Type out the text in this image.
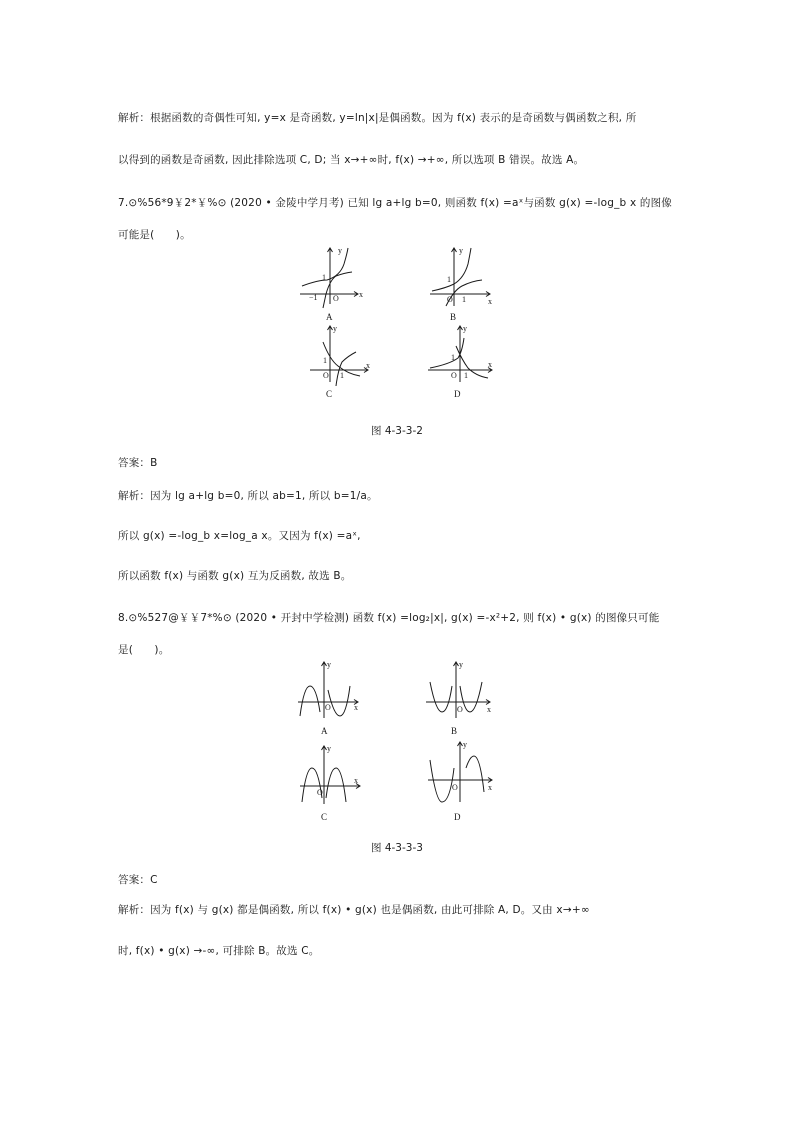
解析：根据函数的奇偶性可知, y=x 是奇函数, y=ln|x|是偶函数。因为 f(x) 表示的是奇函数与偶函数之积, 所
以得到的函数是奇函数, 因此排除选项 C, D; 当 x→+∞时, f(x) →+∞, 所以选项 B 错误。故选 A。
7.⊙%56*9￥2*￥%⊙ (2020 • 金陵中学月考) 已知 lg a+lg b=0, 则函数 f(x) =aˣ与函数 g(x) =-log_b x 的图像
可能是(　　)。
y
x
O
1
−1
A
y
x
O
1
1
B
y
x
O
1
1
C
y
x
O
1
1
D
图 4-3-3-2
答案：B
解析：因为 lg a+lg b=0, 所以 ab=1, 所以 b=1/a。
所以 g(x) =-log_b x=log_a x。又因为 f(x) =aˣ,
所以函数 f(x) 与函数 g(x) 互为反函数, 故选 B。
8.⊙%527@￥￥7*%⊙ (2020 • 开封中学检测) 函数 f(x) =log₂|x|, g(x) =-x²+2, 则 f(x) • g(x) 的图像只可能
是(　　)。
y
x
O
A
y
x
O
B
y
x
O
C
y
x
O
D
图 4-3-3-3
答案：C
解析：因为 f(x) 与 g(x) 都是偶函数, 所以 f(x) • g(x) 也是偶函数, 由此可排除 A, D。又由 x→+∞
时, f(x) • g(x) →-∞, 可排除 B。故选 C。
